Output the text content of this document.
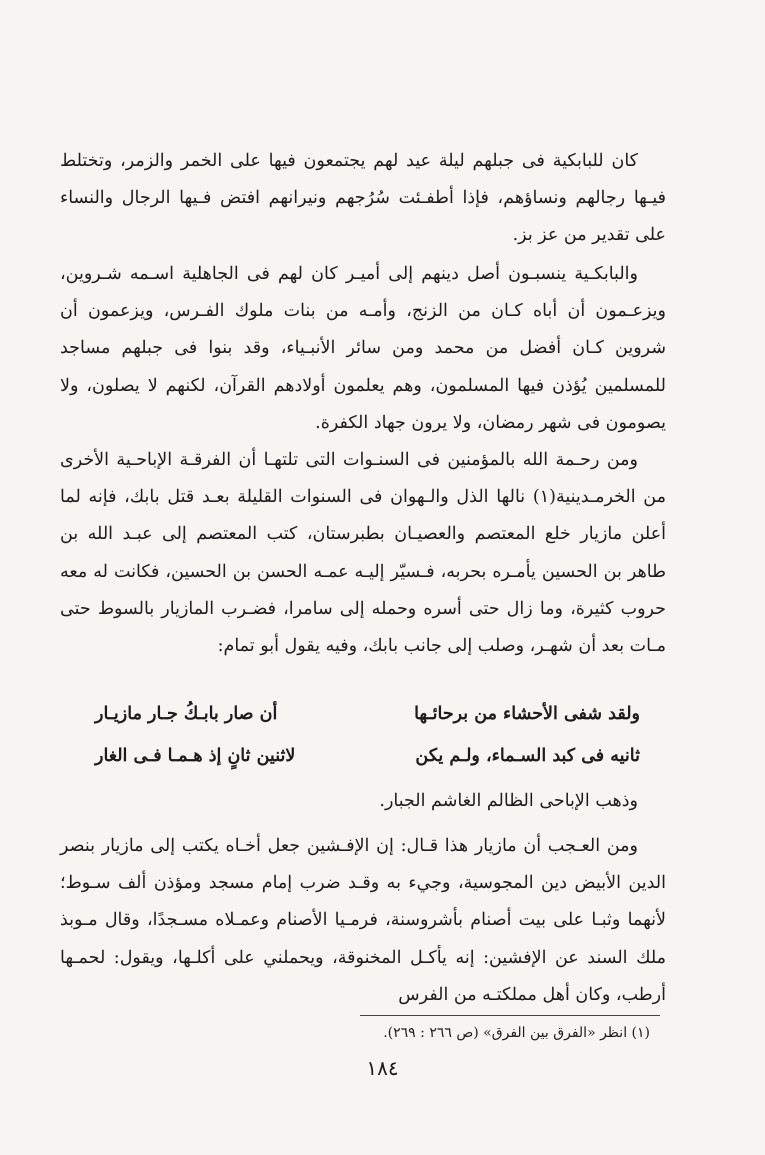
كان للبابكية فى جبلهم ليلة عيد لهم يجتمعون فيها على الخمر والزمر، وتختلط فيـها رجالهم ونساؤهم، فإذا أطفـئت سُرُجهم ونيرانهم افتض فـيها الرجال والنساء على تقدير من عز بز.

والبابكـية ينسبـون أصل دينهم إلى أميـر كان لهم فى الجاهلية اسـمه شـروين، ويزعـمون أن أباه كـان من الزنج، وأمـه من بنات ملوك الفـرس، ويزعمون أن شروين كـان أفضل من محمد ومن سائر الأنبـياء، وقد بنوا فى جبلهم مساجد للمسلمين يُؤذن فيها المسلمون، وهم يعلمون أولادهم القرآن، لكنهم لا يصلون، ولا يصومون فى شهر رمضان، ولا يرون جهاد الكفرة.

ومن رحـمة الله بالمؤمنين فى السنـوات التى تلتهـا أن الفرقـة الإباحـية الأخرى من الخرمـدينية(١) نالها الذل والـهوان فى السنوات القليلة بعـد قتل بابك، فإنه لما أعلن مازيار خلع المعتصم والعصيـان بطبرستان، كتب المعتصم إلى عبـد الله بن طاهر بن الحسين يأمـره بحربه، فـسيّر إليـه عمـه الحسن بن الحسين، فكانت له معه حروب كثيرة، وما زال حتى أسره وحمله إلى سامرا، فضـرب المازيار بالسوط حتى مـات بعد أن شهـر، وصلب إلى جانب بابك، وفيه يقول أبو تمام:

ولقد شفى الأحشاء من برحائـها
أن صار بابـكُ جـار مازيـار
ثانيه فى كبد السـماء، ولـم يكن
لاثنين ثانٍ إذ هـمـا فـى الغار

وذهب الإباحى الظالم الغاشم الجبار.

ومن العـجب أن مازيار هذا قـال: إن الإفـشين جعل أخـاه يكتب إلى مازيار بنصر الدين الأبيض دين المجوسية، وجيء به وقـد ضرب إمام مسجد ومؤذن ألف سـوط؛ لأنهما وثبـا على بيت أصنام بأشروسنة، فرمـيا الأصنام وعمـلاه مسـجدًا، وقال مـوبذ ملك السند عن الإفشين: إنه يأكـل المخنوقة، ويحملني على أكلـها، ويقول: لحمـها أرطب، وكان أهل مملكتـه من الفرس

(١) انظر «الفرق بين الفرق» (ص ٢٦٦ : ٢٦٩).
١٨٤
